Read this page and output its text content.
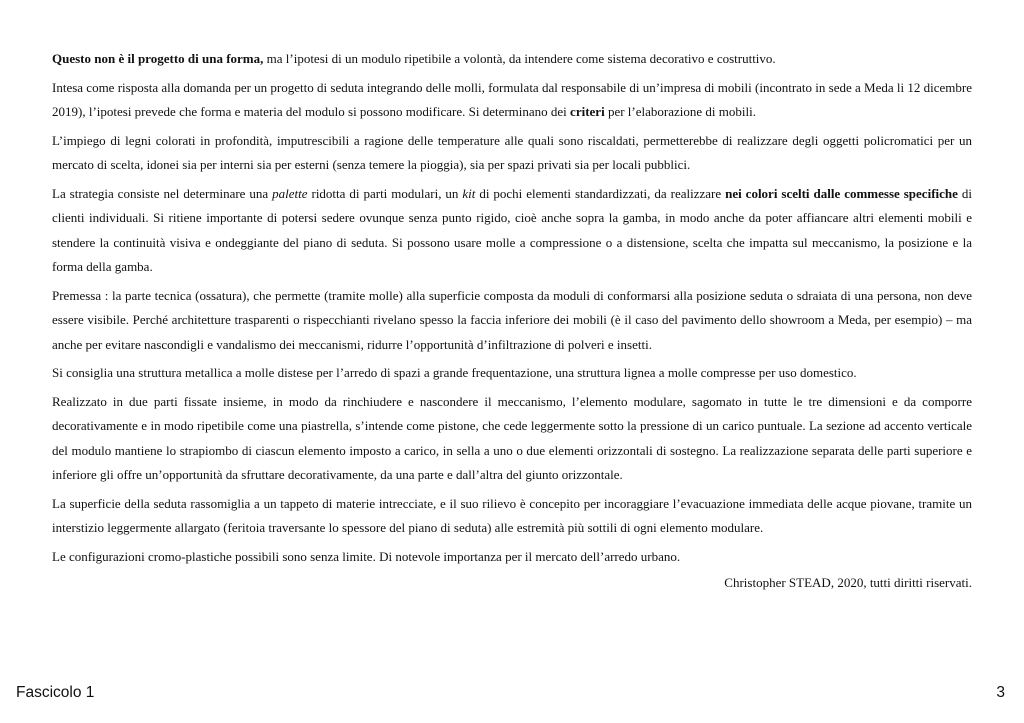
Questo non è il progetto di una forma, ma l’ipotesi di un modulo ripetibile a volontà, da intendere come sistema decorativo e costruttivo.

Intesa come risposta alla domanda per un progetto di seduta integrando delle molli, formulata dal responsabile di un’impresa di mobili (incontrato in sede a Meda li 12 dicembre 2019), l’ipotesi prevede che forma e materia del modulo si possono modificare. Si determinano dei criteri per l’elaborazione di mobili.

L’impiego di legni colorati in profondità, imputrescibili a ragione delle temperature alle quali sono riscaldati, permetterebbe di realizzare degli oggetti policromatici per un mercato di scelta, idonei sia per interni sia per esterni (senza temere la pioggia), sia per spazi privati sia per locali pubblici.

La strategia consiste nel determinare una palette ridotta di parti modulari, un kit di pochi elementi standardizzati, da realizzare nei colori scelti dalle commesse specifiche di clienti individuali. Si ritiene importante di potersi sedere ovunque senza punto rigido, cioè anche sopra la gamba, in modo anche da poter affiancare altri elementi mobili e stendere la continuità visiva e ondeggiante del piano di seduta. Si possono usare molle a compressione o a distensione, scelta che impatta sul meccanismo, la posizione e la forma della gamba.

Premessa : la parte tecnica (ossatura), che permette (tramite molle) alla superficie composta da moduli di conformarsi alla posizione seduta o sdraiata di una persona, non deve essere visibile. Perché architetture trasparenti o rispecchianti rivelano spesso la faccia inferiore dei mobili (è il caso del pavimento dello showroom a Meda, per esempio) – ma anche per evitare nascondigli e vandalismo dei meccanismi, ridurre l’opportunità d’infiltrazione di polveri e insetti.

Si consiglia una struttura metallica a molle distese per l’arredo di spazi a grande frequentazione, una struttura lignea a molle compresse per uso domestico.

Realizzato in due parti fissate insieme, in modo da rinchiudere e nascondere il meccanismo, l’elemento modulare, sagomato in tutte le tre dimensioni e da comporre decorativamente e in modo ripetibile come una piastrella, s’intende come pistone, che cede leggermente sotto la pressione di un carico puntuale. La sezione ad accento verticale del modulo mantiene lo strapiombo di ciascun elemento imposto a carico, in sella a uno o due elementi orizzontali di sostegno. La realizzazione separata delle parti superiore e inferiore gli offre un’opportunità da sfruttare decorativamente, da una parte e dall’altra del giunto orizzontale.

La superficie della seduta rassomiglia a un tappeto di materie intrecciate, e il suo rilievo è concepito per incoraggiare l’evacuazione immediata delle acque piovane, tramite un interstizio leggermente allargato (feritoia traversante lo spessore del piano di seduta) alle estremità più sottili di ogni elemento modulare.

Le configurazioni cromo-plastiche possibili sono senza limite. Di notevole importanza per il mercato dell’arredo urbano.

Christopher STEAD, 2020, tutti diritti riservati.

Fascicolo 1	3
